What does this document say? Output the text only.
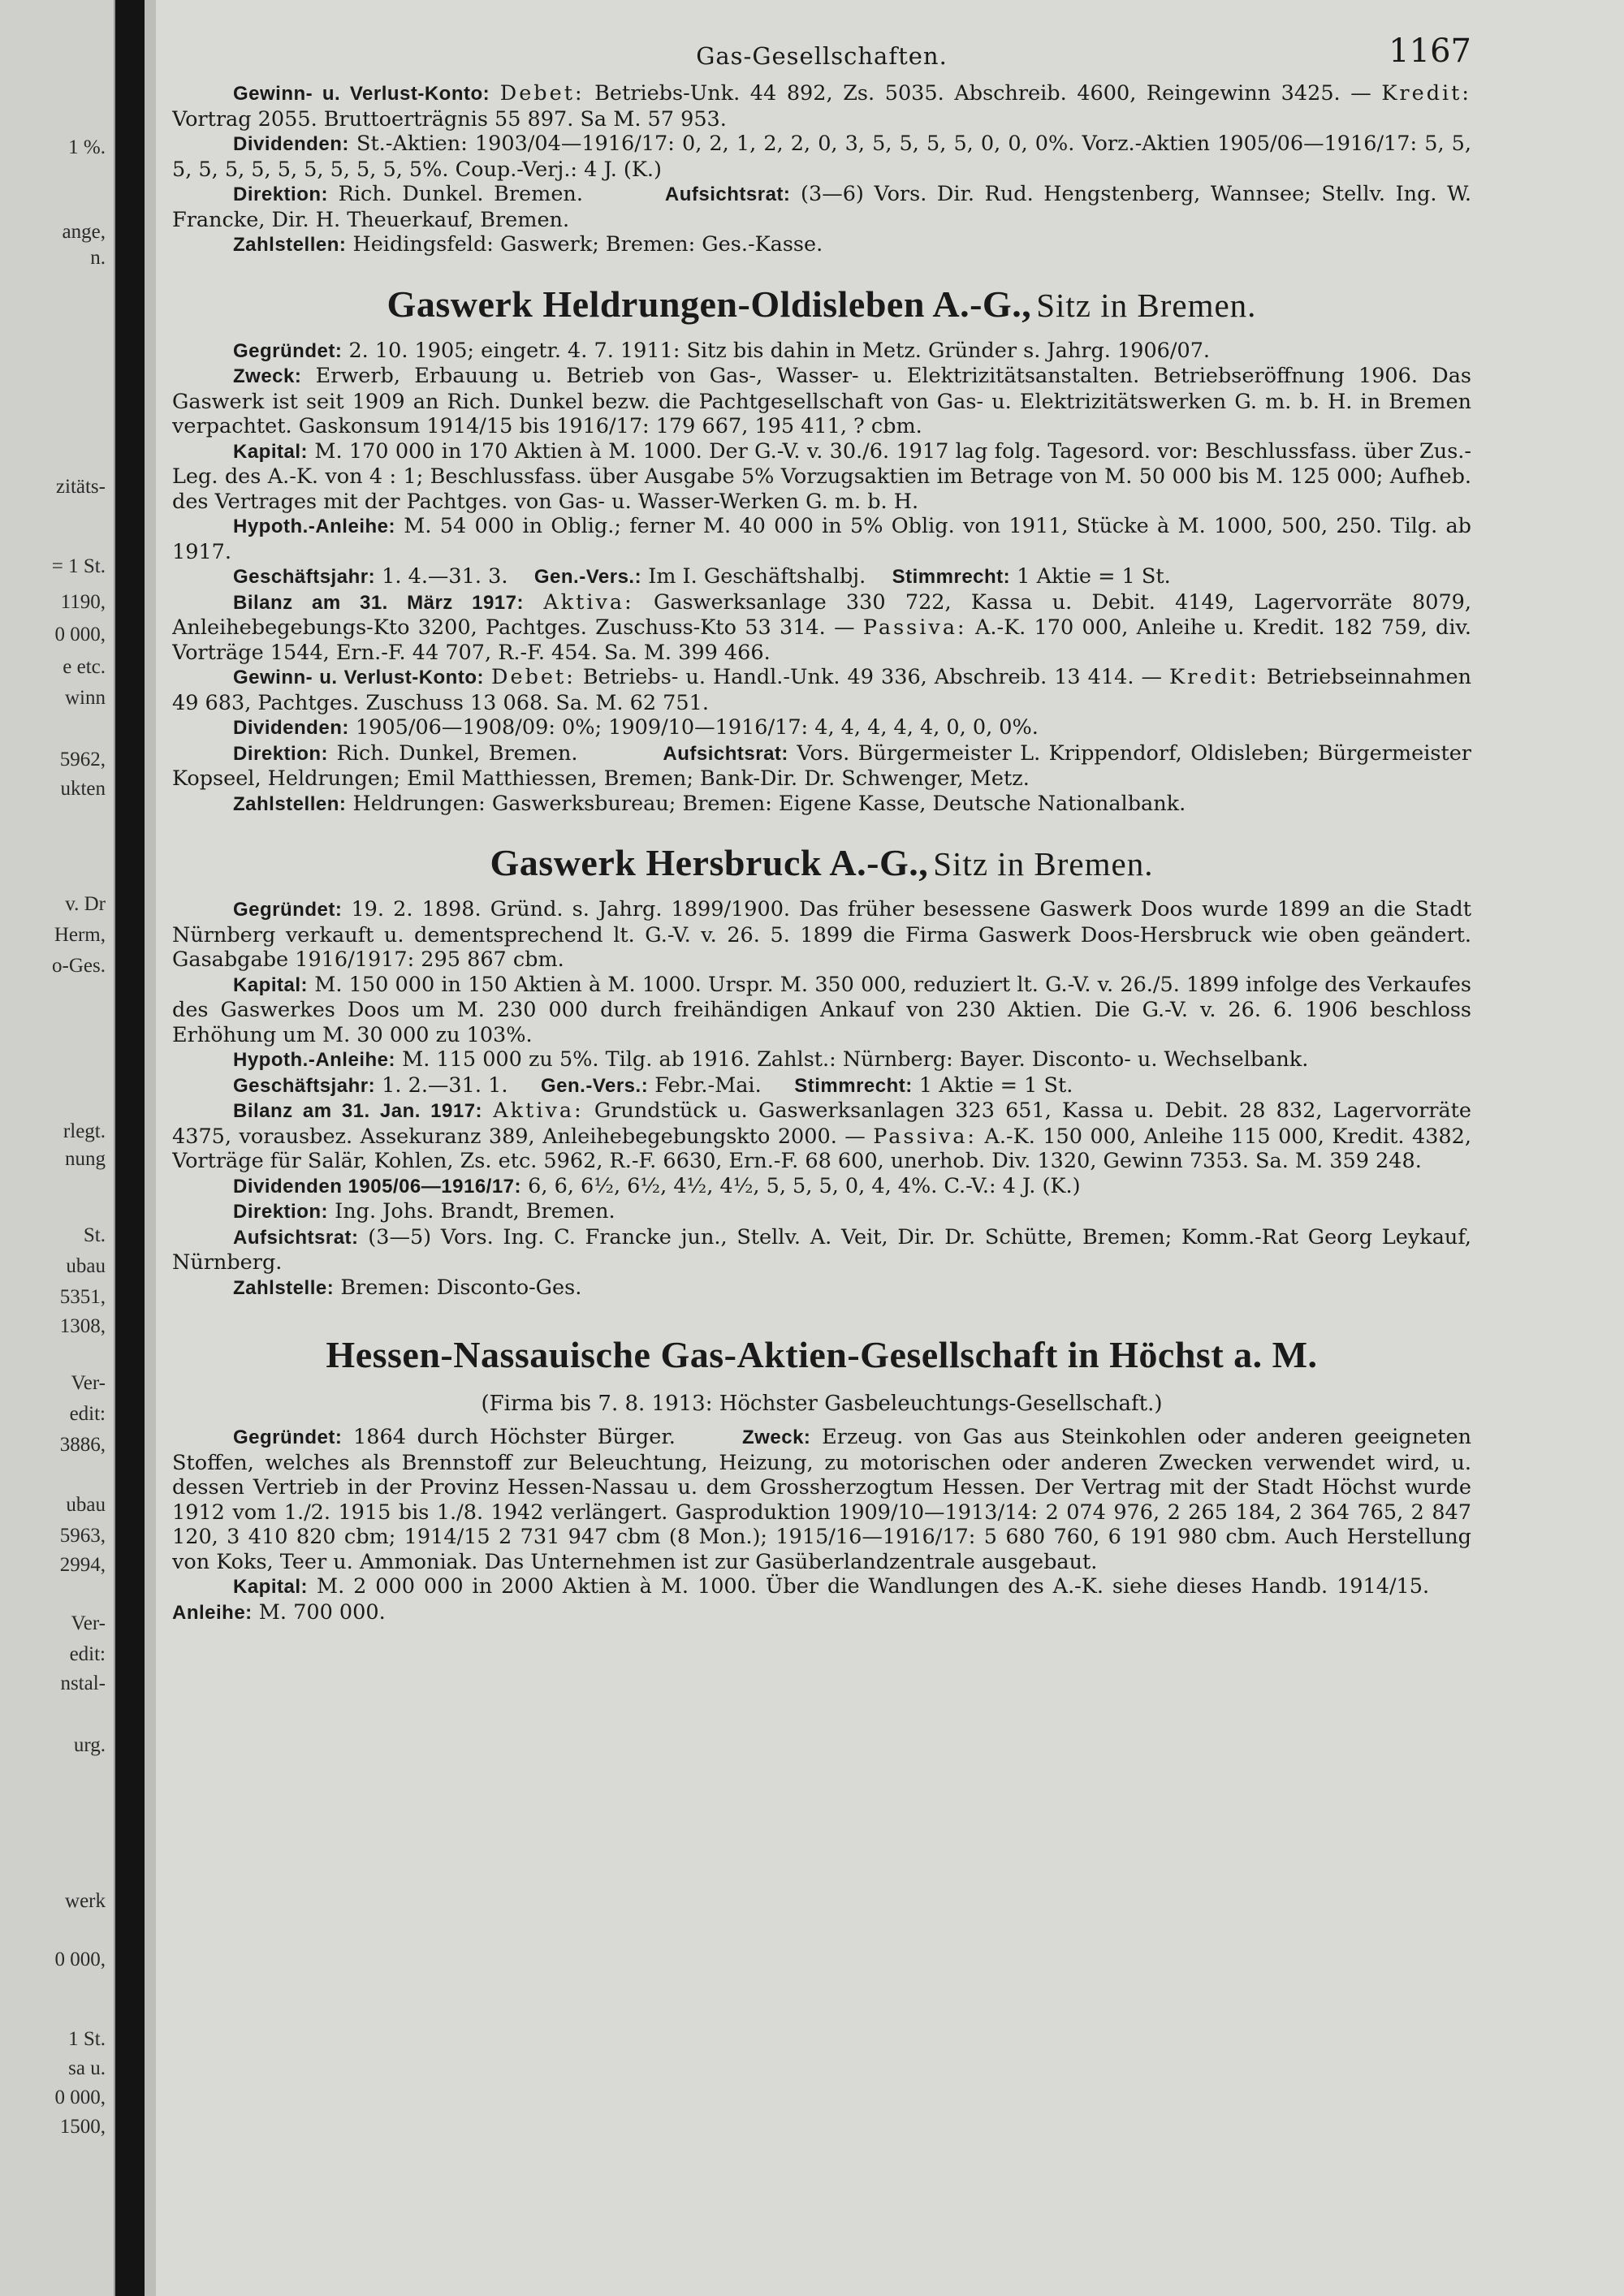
1 %.
ange,
n.
zitäts-
= 1 St.
1190,
0 000,
e etc.
winn
5962,
ukten
v. Dr
Herm,
o-Ges.
rlegt.
nung
St.
ubau
5351,
1308,
Ver-
edit:
3886,
ubau
5963,
2994,
Ver-
edit:
nstal-
urg.
werk
0 000,
1 St.
sa u.
0 000,
1500,
Gas-Gesellschaften.	1167

Gewinn- u. Verlust-Konto: Debet: Betriebs-Unk. 44 892, Zs. 5035. Abschreib. 4600, Reingewinn 3425. — Kredit: Vortrag 2055. Bruttoerträgnis 55 897. Sa M. 57 953.

Dividenden: St.-Aktien: 1903/04—1916/17: 0, 2, 1, 2, 2, 0, 3, 5, 5, 5, 5, 0, 0, 0%. Vorz.-Aktien 1905/06—1916/17: 5, 5, 5, 5, 5, 5, 5, 5, 5, 5, 5, 5%. Coup.-Verj.: 4 J. (K.)

Direktion: Rich. Dunkel. Bremen.	Aufsichtsrat: (3—6) Vors. Dir. Rud. Hengstenberg, Wannsee; Stellv. Ing. W. Francke, Dir. H. Theuerkauf, Bremen.

Zahlstellen: Heidingsfeld: Gaswerk; Bremen: Ges.-Kasse.

Gaswerk Heldrungen-Oldisleben A.-G., Sitz in Bremen.

Gegründet: 2. 10. 1905; eingetr. 4. 7. 1911: Sitz bis dahin in Metz. Gründer s. Jahrg. 1906/07.

Zweck: Erwerb, Erbauung u. Betrieb von Gas-, Wasser- u. Elektrizitätsanstalten. Betriebseröffnung 1906. Das Gaswerk ist seit 1909 an Rich. Dunkel bezw. die Pachtgesellschaft von Gas- u. Elektrizitätswerken G. m. b. H. in Bremen verpachtet. Gaskonsum 1914/15 bis 1916/17: 179 667, 195 411, ? cbm.

Kapital: M. 170 000 in 170 Aktien à M. 1000. Der G.-V. v. 30./6. 1917 lag folg. Tagesord. vor: Beschlussfass. über Zus.-Leg. des A.-K. von 4 : 1; Beschlussfass. über Ausgabe 5% Vorzugsaktien im Betrage von M. 50 000 bis M. 125 000; Aufheb. des Vertrages mit der Pachtges. von Gas- u. Wasser-Werken G. m. b. H.

Hypoth.-Anleihe: M. 54 000 in Oblig.; ferner M. 40 000 in 5% Oblig. von 1911, Stücke à M. 1000, 500, 250. Tilg. ab 1917.

Geschäftsjahr: 1. 4.—31. 3. Gen.-Vers.: Im I. Geschäftshalbj. Stimmrecht: 1 Aktie = 1 St.

Bilanz am 31. März 1917: Aktiva: Gaswerksanlage 330 722, Kassa u. Debit. 4149, Lagervorräte 8079, Anleihebegebungs-Kto 3200, Pachtges. Zuschuss-Kto 53 314. — Passiva: A.-K. 170 000, Anleihe u. Kredit. 182 759, div. Vorträge 1544, Ern.-F. 44 707, R.-F. 454. Sa. M. 399 466.

Gewinn- u. Verlust-Konto: Debet: Betriebs- u. Handl.-Unk. 49 336, Abschreib. 13 414. — Kredit: Betriebseinnahmen 49 683, Pachtges. Zuschuss 13 068. Sa. M. 62 751.

Dividenden: 1905/06—1908/09: 0%; 1909/10—1916/17: 4, 4, 4, 4, 4, 0, 0, 0%.

Direktion: Rich. Dunkel, Bremen.	Aufsichtsrat: Vors. Bürgermeister L. Krippendorf, Oldisleben; Bürgermeister Kopseel, Heldrungen; Emil Matthiessen, Bremen; Bank-Dir. Dr. Schwenger, Metz.

Zahlstellen: Heldrungen: Gaswerksbureau; Bremen: Eigene Kasse, Deutsche Nationalbank.

Gaswerk Hersbruck A.-G., Sitz in Bremen.

Gegründet: 19. 2. 1898. Gründ. s. Jahrg. 1899/1900. Das früher besessene Gaswerk Doos wurde 1899 an die Stadt Nürnberg verkauft u. dementsprechend lt. G.-V. v. 26. 5. 1899 die Firma Gaswerk Doos-Hersbruck wie oben geändert. Gasabgabe 1916/1917: 295 867 cbm.

Kapital: M. 150 000 in 150 Aktien à M. 1000. Urspr. M. 350 000, reduziert lt. G.-V. v. 26./5. 1899 infolge des Verkaufes des Gaswerkes Doos um M. 230 000 durch freihändigen Ankauf von 230 Aktien. Die G.-V. v. 26. 6. 1906 beschloss Erhöhung um M. 30 000 zu 103%.

Hypoth.-Anleihe: M. 115 000 zu 5%. Tilg. ab 1916. Zahlst.: Nürnberg: Bayer. Disconto- u. Wechselbank.

Geschäftsjahr: 1. 2.—31. 1. Gen.-Vers.: Febr.-Mai. Stimmrecht: 1 Aktie = 1 St.

Bilanz am 31. Jan. 1917: Aktiva: Grundstück u. Gaswerksanlagen 323 651, Kassa u. Debit. 28 832, Lagervorräte 4375, vorausbez. Assekuranz 389, Anleihebegebungskto 2000. — Passiva: A.-K. 150 000, Anleihe 115 000, Kredit. 4382, Vorträge für Salär, Kohlen, Zs. etc. 5962, R.-F. 6630, Ern.-F. 68 600, unerhob. Div. 1320, Gewinn 7353. Sa. M. 359 248.

Dividenden 1905/06—1916/17: 6, 6, 6½, 6½, 4½, 4½, 5, 5, 5, 0, 4, 4%. C.-V.: 4 J. (K.)

Direktion: Ing. Johs. Brandt, Bremen.

Aufsichtsrat: (3—5) Vors. Ing. C. Francke jun., Stellv. A. Veit, Dir. Dr. Schütte, Bremen; Komm.-Rat Georg Leykauf, Nürnberg.

Zahlstelle: Bremen: Disconto-Ges.

Hessen-Nassauische Gas-Aktien-Gesellschaft in Höchst a. M.
(Firma bis 7. 8. 1913: Höchster Gasbeleuchtungs-Gesellschaft.)

Gegründet: 1864 durch Höchster Bürger.	Zweck: Erzeug. von Gas aus Steinkohlen oder anderen geeigneten Stoffen, welches als Brennstoff zur Beleuchtung, Heizung, zu motorischen oder anderen Zwecken verwendet wird, u. dessen Vertrieb in der Provinz Hessen-Nassau u. dem Grossherzogtum Hessen. Der Vertrag mit der Stadt Höchst wurde 1912 vom 1./2. 1915 bis 1./8. 1942 verlängert. Gasproduktion 1909/10—1913/14: 2 074 976, 2 265 184, 2 364 765, 2 847 120, 3 410 820 cbm; 1914/15 2 731 947 cbm (8 Mon.); 1915/16—1916/17: 5 680 760, 6 191 980 cbm. Auch Herstellung von Koks, Teer u. Ammoniak. Das Unternehmen ist zur Gasüberlandzentrale ausgebaut.

Kapital: M. 2 000 000 in 2000 Aktien à M. 1000. Über die Wandlungen des A.-K. siehe dieses Handb. 1914/15.      Anleihe: M. 700 000.
